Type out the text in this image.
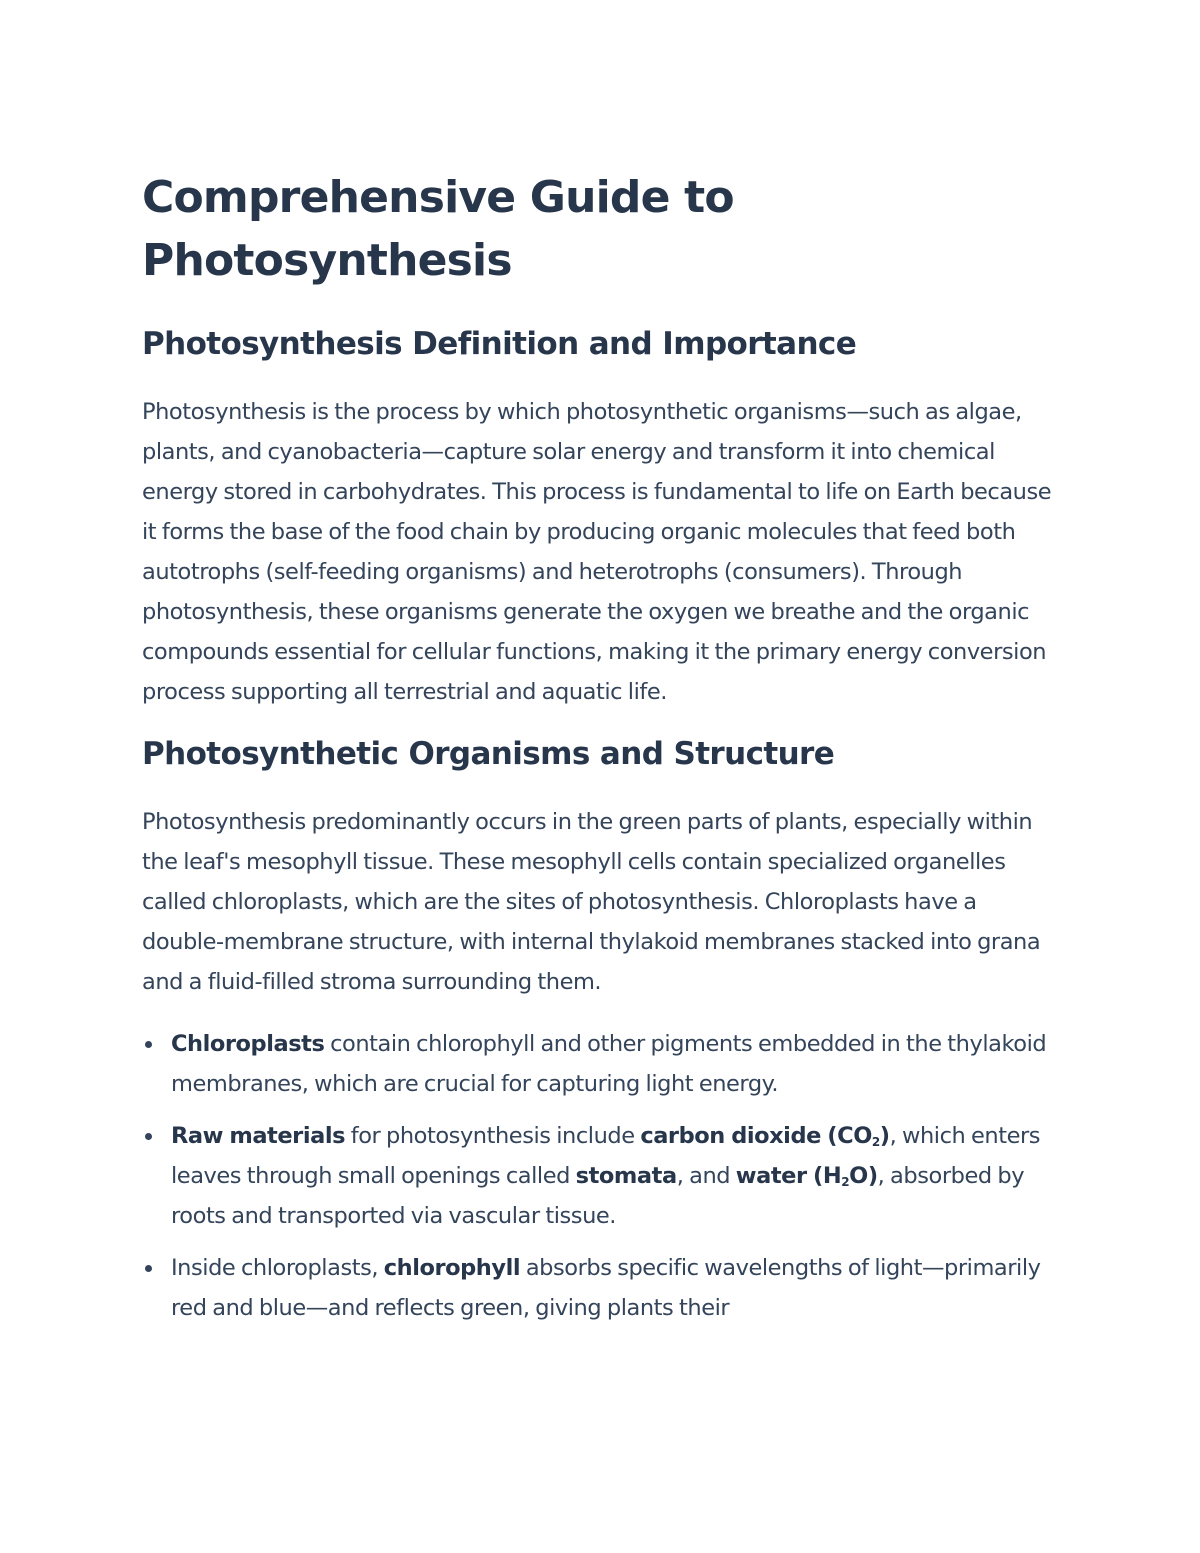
Comprehensive Guide to Photosynthesis
Photosynthesis Definition and Importance

Photosynthesis is the process by which photosynthetic organisms—such as algae, plants, and cyanobacteria—capture solar energy and transform it into chemical energy stored in carbohydrates. This process is fundamental to life on Earth because it forms the base of the food chain by producing organic molecules that feed both autotrophs (self-feeding organisms) and heterotrophs (consumers). Through photosynthesis, these organisms generate the oxygen we breathe and the organic compounds essential for cellular functions, making it the primary energy conversion process supporting all terrestrial and aquatic life.

Photosynthetic Organisms and Structure

Photosynthesis predominantly occurs in the green parts of plants, especially within the leaf's mesophyll tissue. These mesophyll cells contain specialized organelles called chloroplasts, which are the sites of photosynthesis. Chloroplasts have a double-membrane structure, with internal thylakoid membranes stacked into grana and a fluid-filled stroma surrounding them.

Chloroplasts contain chlorophyll and other pigments embedded in the thylakoid membranes, which are crucial for capturing light energy.
Raw materials for photosynthesis include carbon dioxide $(CO_2)$, which enters leaves through small openings called stomata, and water $(H_2O)$, absorbed by roots and transported via vascular tissue.
Inside chloroplasts, chlorophyll absorbs specific wavelengths of light—primarily red and blue—and reflects green, giving plants their
